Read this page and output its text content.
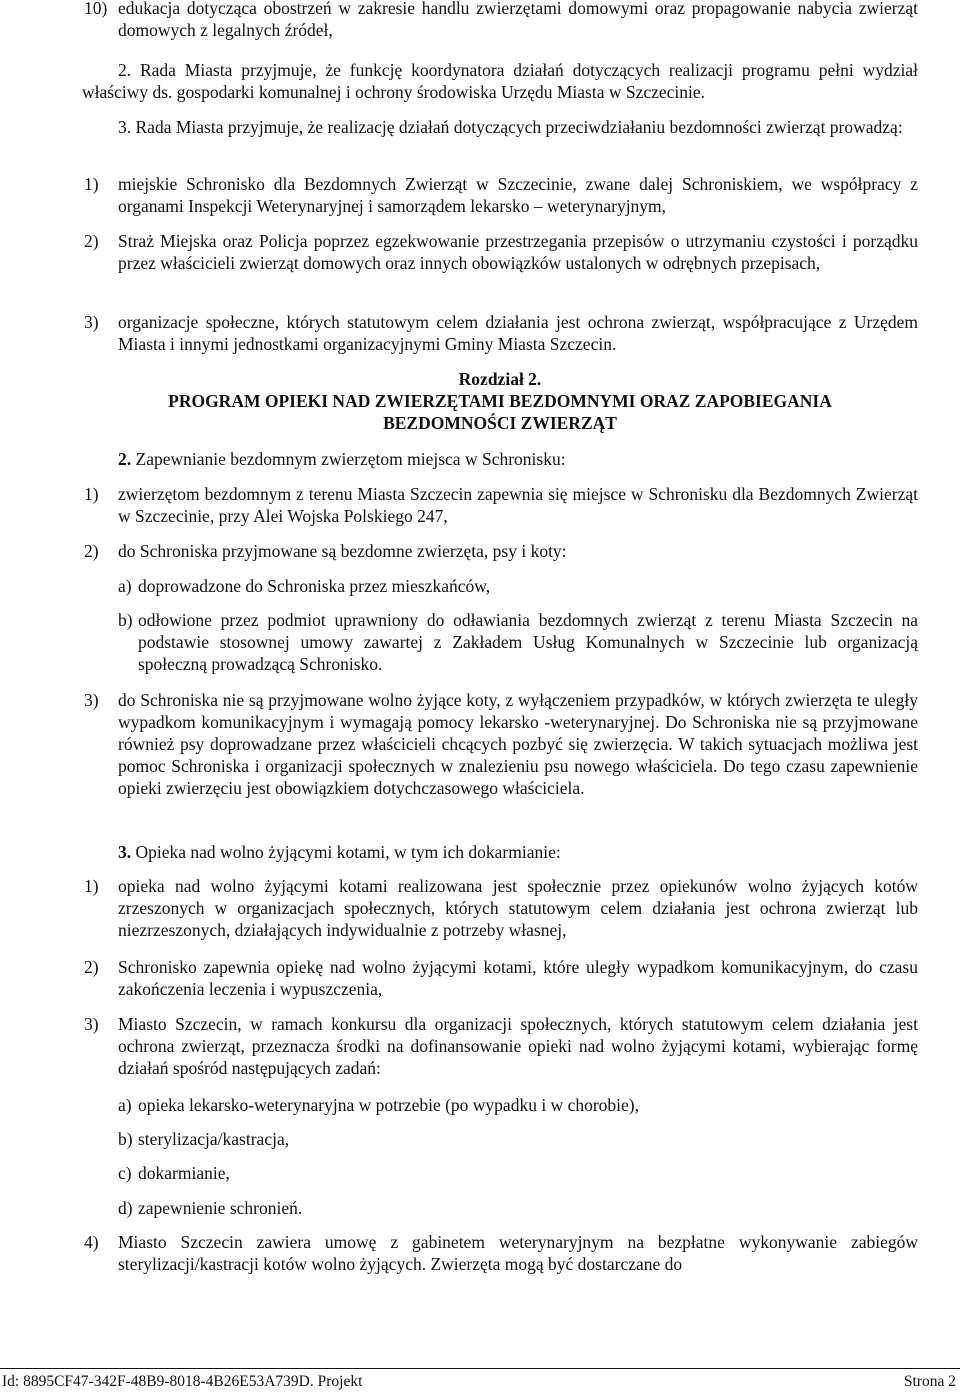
10) edukacja dotycząca obostrzeń w zakresie handlu zwierzętami domowymi oraz propagowanie nabycia zwierząt domowych z legalnych źródeł,
2. Rada Miasta przyjmuje, że funkcję koordynatora działań dotyczących realizacji programu pełni wydział właściwy ds. gospodarki komunalnej i ochrony środowiska Urzędu Miasta w Szczecinie.
3. Rada Miasta przyjmuje, że realizację działań dotyczących przeciwdziałaniu bezdomności zwierząt prowadzą:
1) miejskie Schronisko dla Bezdomnych Zwierząt w Szczecinie, zwane dalej Schroniskiem, we współpracy z organami Inspekcji Weterynaryjnej i samorządem lekarsko – weterynaryjnym,
2) Straż Miejska oraz Policja poprzez egzekwowanie przestrzegania przepisów o utrzymaniu czystości i porządku przez właścicieli zwierząt domowych oraz innych obowiązków ustalonych w odrębnych przepisach,
3) organizacje społeczne, których statutowym celem działania jest ochrona zwierząt, współpracujące z Urzędem Miasta i innymi jednostkami organizacyjnymi Gminy Miasta Szczecin.
Rozdział 2.
PROGRAM OPIEKI NAD ZWIERZĘTAMI BEZDOMNYMI ORAZ ZAPOBIEGANIA
BEZDOMNOŚCI ZWIERZĄT
2. Zapewnianie bezdomnym zwierzętom miejsca w Schronisku:
1) zwierzętom bezdomnym z terenu Miasta Szczecin zapewnia się miejsce w Schronisku dla Bezdomnych Zwierząt w Szczecinie, przy Alei Wojska Polskiego 247,
2) do Schroniska przyjmowane są bezdomne zwierzęta, psy i koty:
a) doprowadzone do Schroniska przez mieszkańców,
b) odłowione przez podmiot uprawniony do odławiania bezdomnych zwierząt z terenu Miasta Szczecin na podstawie stosownej umowy zawartej z Zakładem Usług Komunalnych w Szczecinie lub organizacją społeczną prowadzącą Schronisko.
3) do Schroniska nie są przyjmowane wolno żyjące koty, z wyłączeniem przypadków, w których zwierzęta te uległy wypadkom komunikacyjnym i wymagają pomocy lekarsko -weterynaryjnej. Do Schroniska nie są przyjmowane również psy doprowadzane przez właścicieli chcących pozbyć się zwierzęcia. W takich sytuacjach możliwa jest pomoc Schroniska i organizacji społecznych w znalezieniu psu nowego właściciela. Do tego czasu zapewnienie opieki zwierzęciu jest obowiązkiem dotychczasowego właściciela.
3. Opieka nad wolno żyjącymi kotami, w tym ich dokarmianie:
1) opieka nad wolno żyjącymi kotami realizowana jest społecznie przez opiekunów wolno żyjących kotów zrzeszonych w organizacjach społecznych, których statutowym celem działania jest ochrona zwierząt lub niezrzeszonych, działających indywidualnie z potrzeby własnej,
2) Schronisko zapewnia opiekę nad wolno żyjącymi kotami, które uległy wypadkom komunikacyjnym, do czasu zakończenia leczenia i wypuszczenia,
3) Miasto Szczecin, w ramach konkursu dla organizacji społecznych, których statutowym celem działania jest ochrona zwierząt, przeznacza środki na dofinansowanie opieki nad wolno żyjącymi kotami, wybierając formę działań spośród następujących zadań:
a) opieka lekarsko-weterynaryjna w potrzebie (po wypadku i w chorobie),
b) sterylizacja/kastracja,
c) dokarmianie,
d) zapewnienie schronień.
4) Miasto Szczecin zawiera umowę z gabinetem weterynaryjnym na bezpłatne wykonywanie zabiegów sterylizacji/kastracji kotów wolno żyjących. Zwierzęta mogą być dostarczane do
Id: 8895CF47-342F-48B9-8018-4B26E53A739D. Projekt	Strona 2
